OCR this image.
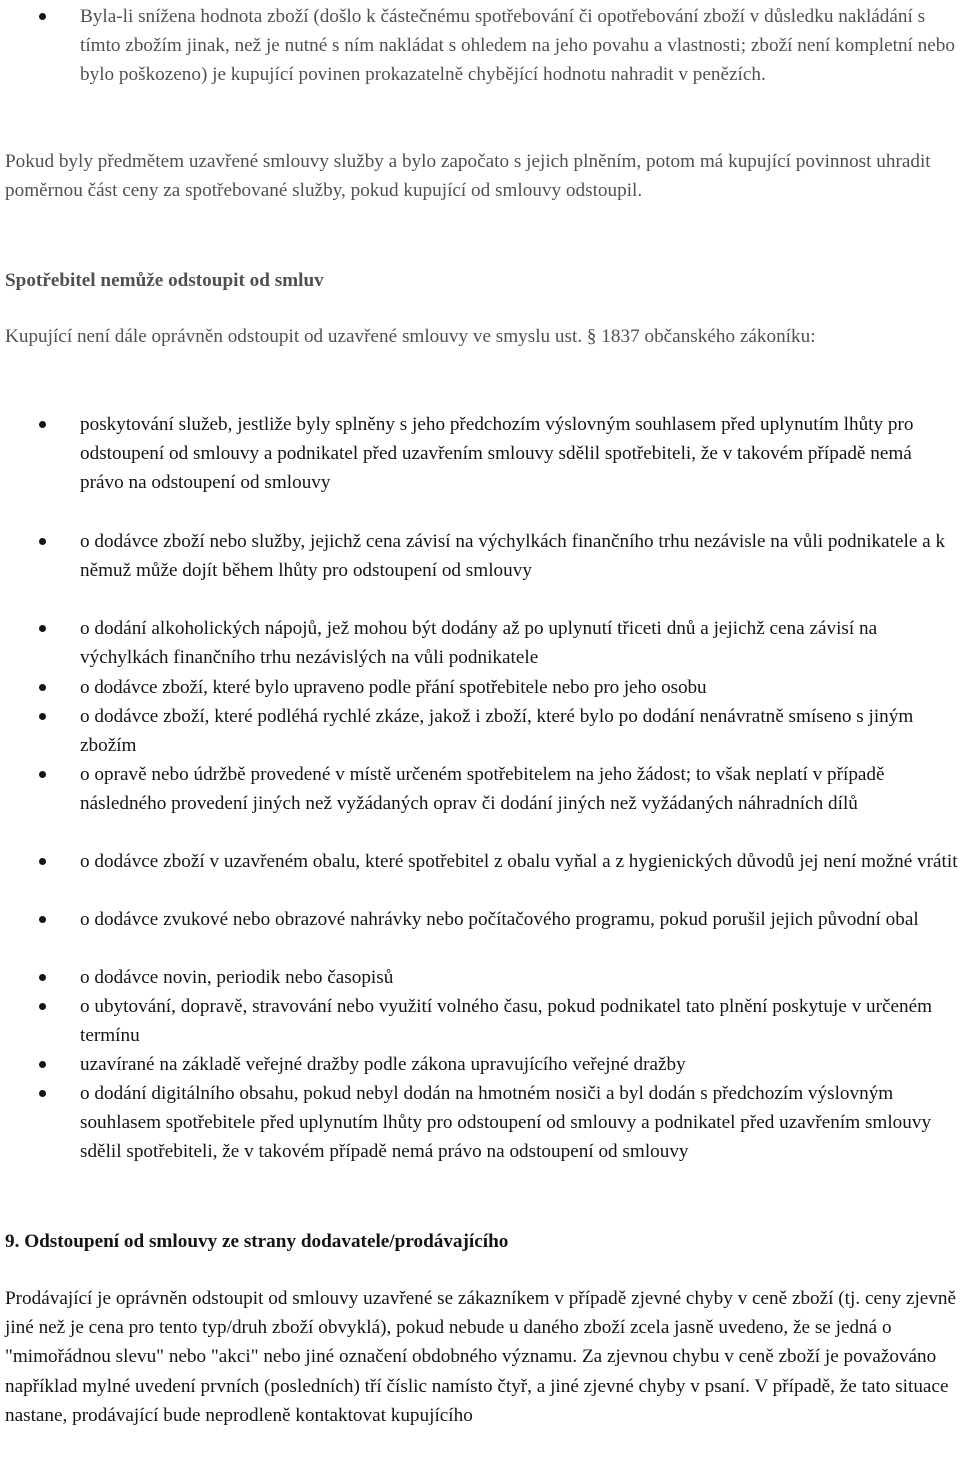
Byla-li snížena hodnota zboží (došlo k částečnému spotřebování či opotřebování zboží v důsledku nakládání s tímto zbožím jinak, než je nutné s ním nakládat s ohledem na jeho povahu a vlastnosti; zboží není kompletní nebo bylo poškozeno) je kupující povinen prokazatelně chybějící hodnotu nahradit v penězích.
Pokud byly předmětem uzavřené smlouvy služby a bylo započato s jejich plněním, potom má kupující povinnost uhradit poměrnou část ceny za spotřebované služby, pokud kupující od smlouvy odstoupil.
Spotřebitel nemůže odstoupit od smluv
Kupující není dále oprávněn odstoupit od uzavřené smlouvy ve smyslu ust. § 1837 občanského zákoníku:
poskytování služeb, jestliže byly splněny s jeho předchozím výslovným souhlasem před uplynutím lhůty pro odstoupení od smlouvy a podnikatel před uzavřením smlouvy sdělil spotřebiteli, že v takovém případě nemá právo na odstoupení od smlouvy
o dodávce zboží nebo služby, jejichž cena závisí na výchylkách finančního trhu nezávisle na vůli podnikatele a k němuž může dojít během lhůty pro odstoupení od smlouvy
o dodání alkoholických nápojů, jež mohou být dodány až po uplynutí třiceti dnů a jejichž cena závisí na výchylkách finančního trhu nezávislých na vůli podnikatele
o dodávce zboží, které bylo upraveno podle přání spotřebitele nebo pro jeho osobu
o dodávce zboží, které podléhá rychlé zkáze, jakož i zboží, které bylo po dodání nenávratně smíseno s jiným zbožím
o opravě nebo údržbě provedené v místě určeném spotřebitelem na jeho žádost; to však neplatí v případě následného provedení jiných než vyžádaných oprav či dodání jiných než vyžádaných náhradních dílů
o dodávce zboží v uzavřeném obalu, které spotřebitel z obalu vyňal a z hygienických důvodů jej není možné vrátit
o dodávce zvukové nebo obrazové nahrávky nebo počítačového programu, pokud porušil jejich původní obal
o dodávce novin, periodik nebo časopisů
o ubytování, dopravě, stravování nebo využití volného času, pokud podnikatel tato plnění poskytuje v určeném termínu
uzavírané na základě veřejné dražby podle zákona upravujícího veřejné dražby
o dodání digitálního obsahu, pokud nebyl dodán na hmotném nosiči a byl dodán s předchozím výslovným souhlasem spotřebitele před uplynutím lhůty pro odstoupení od smlouvy a podnikatel před uzavřením smlouvy sdělil spotřebiteli, že v takovém případě nemá právo na odstoupení od smlouvy
9. Odstoupení od smlouvy ze strany dodavatele/prodávajícího
Prodávající je oprávněn odstoupit od smlouvy uzavřené se zákazníkem v případě zjevné chyby v ceně zboží (tj. ceny zjevně jiné než je cena pro tento typ/druh zboží obvyklá), pokud nebude u daného zboží zcela jasně uvedeno, že se jedná o "mimořádnou slevu" nebo "akci" nebo jiné označení obdobného významu. Za zjevnou chybu v ceně zboží je považováno například mylné uvedení prvních (posledních) tří číslic namísto čtyř, a jiné zjevné chyby v psaní. V případě, že tato situace nastane, prodávající bude neprodleně kontaktovat kupujícího
